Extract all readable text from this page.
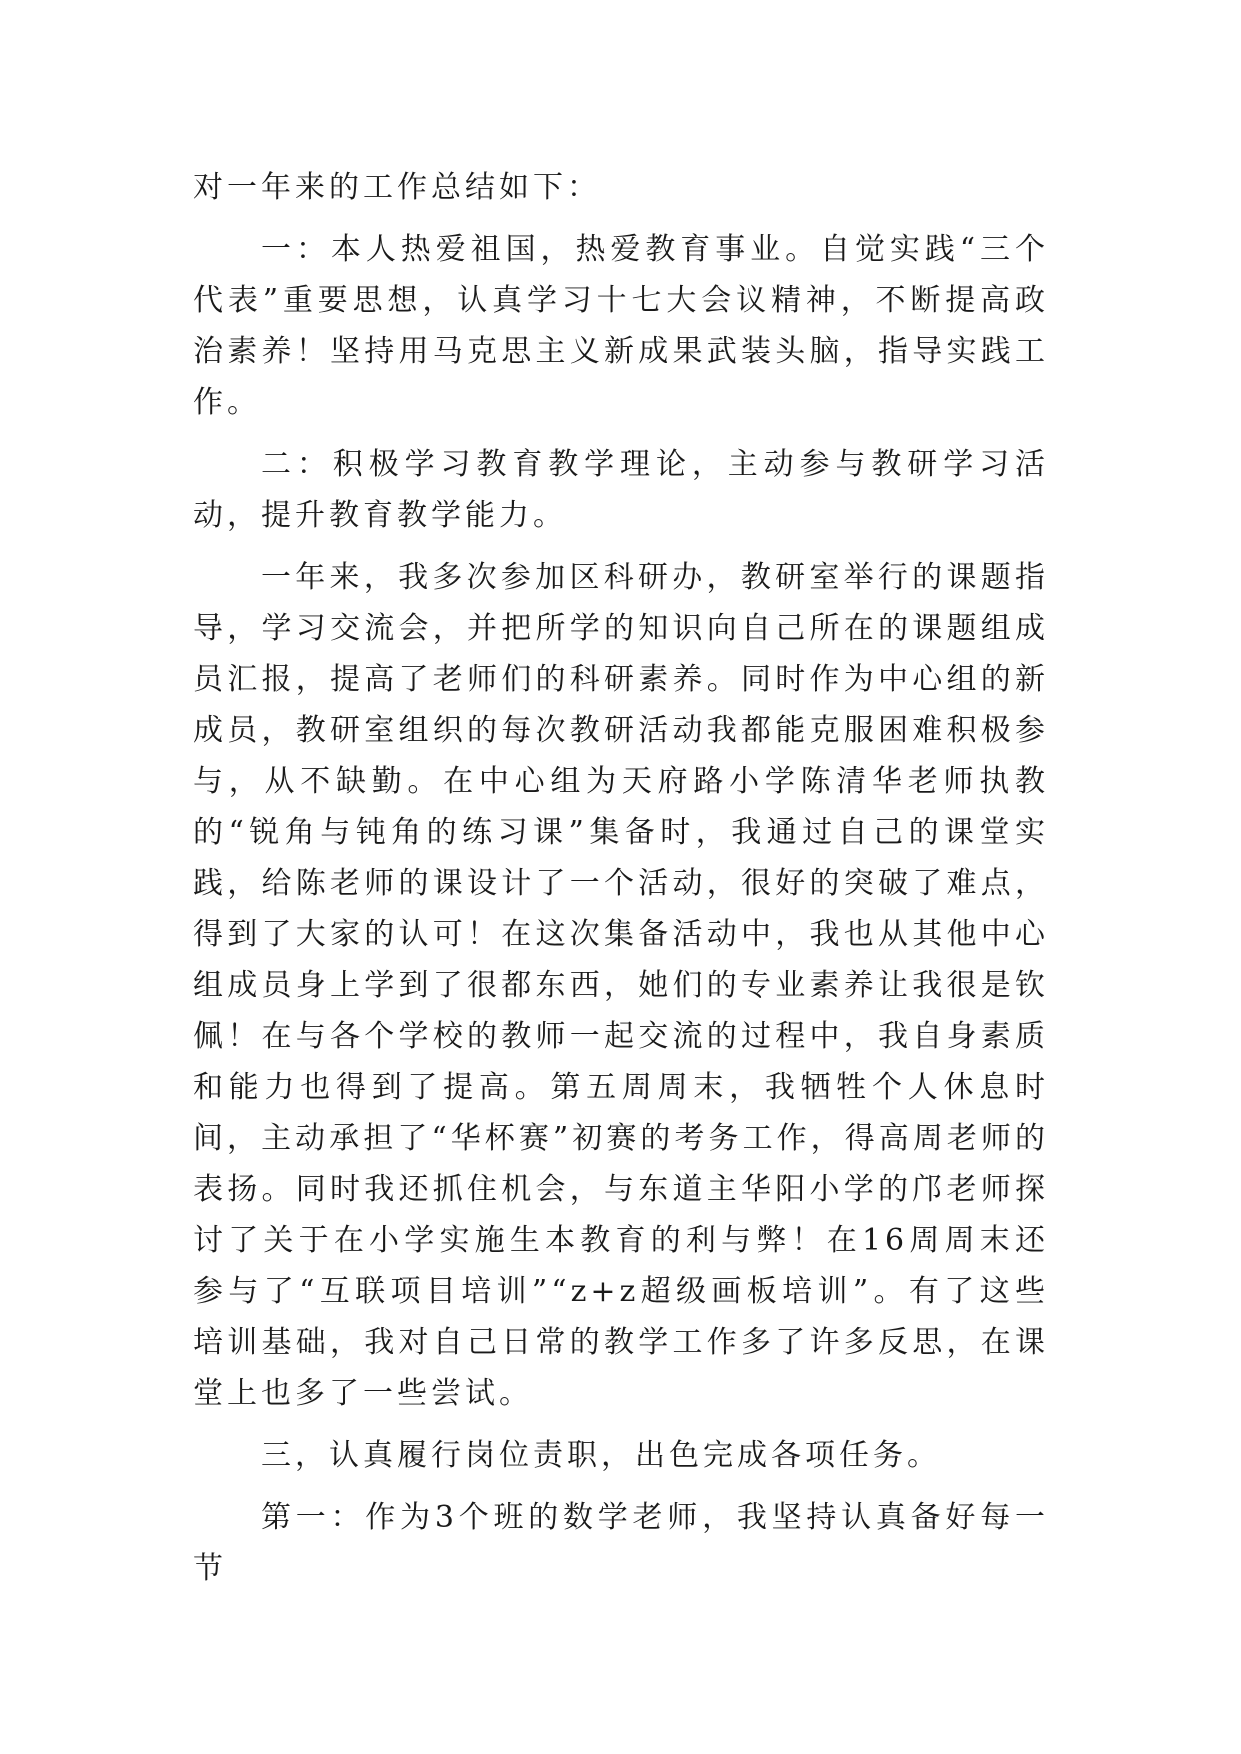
对一年来的工作总结如下：

一：本人热爱祖国，热爱教育事业。自觉实践“三个代表”重要思想，认真学习十七大会议精神，不断提高政治素养！坚持用马克思主义新成果武装头脑，指导实践工作。

二：积极学习教育教学理论，主动参与教研学习活动，提升教育教学能力。

一年来，我多次参加区科研办，教研室举行的课题指导，学习交流会，并把所学的知识向自己所在的课题组成员汇报，提高了老师们的科研素养。同时作为中心组的新成员，教研室组织的每次教研活动我都能克服困难积极参与，从不缺勤。在中心组为天府路小学陈清华老师执教的“锐角与钝角的练习课”集备时，我通过自己的课堂实践，给陈老师的课设计了一个活动，很好的突破了难点，得到了大家的认可！在这次集备活动中，我也从其他中心组成员身上学到了很都东西，她们的专业素养让我很是钦佩！在与各个学校的教师一起交流的过程中，我自身素质和能力也得到了提高。第五周周末，我牺牲个人休息时间，主动承担了“华杯赛”初赛的考务工作，得高周老师的表扬。同时我还抓住机会，与东道主华阳小学的邝老师探讨了关于在小学实施生本教育的利与弊！在16周周末还参与了“互联项目培训”“z+z超级画板培训”。有了这些培训基础，我对自己日常的教学工作多了许多反思，在课堂上也多了一些尝试。

三，认真履行岗位责职，出色完成各项任务。

第一：作为3个班的数学老师，我坚持认真备好每一节
